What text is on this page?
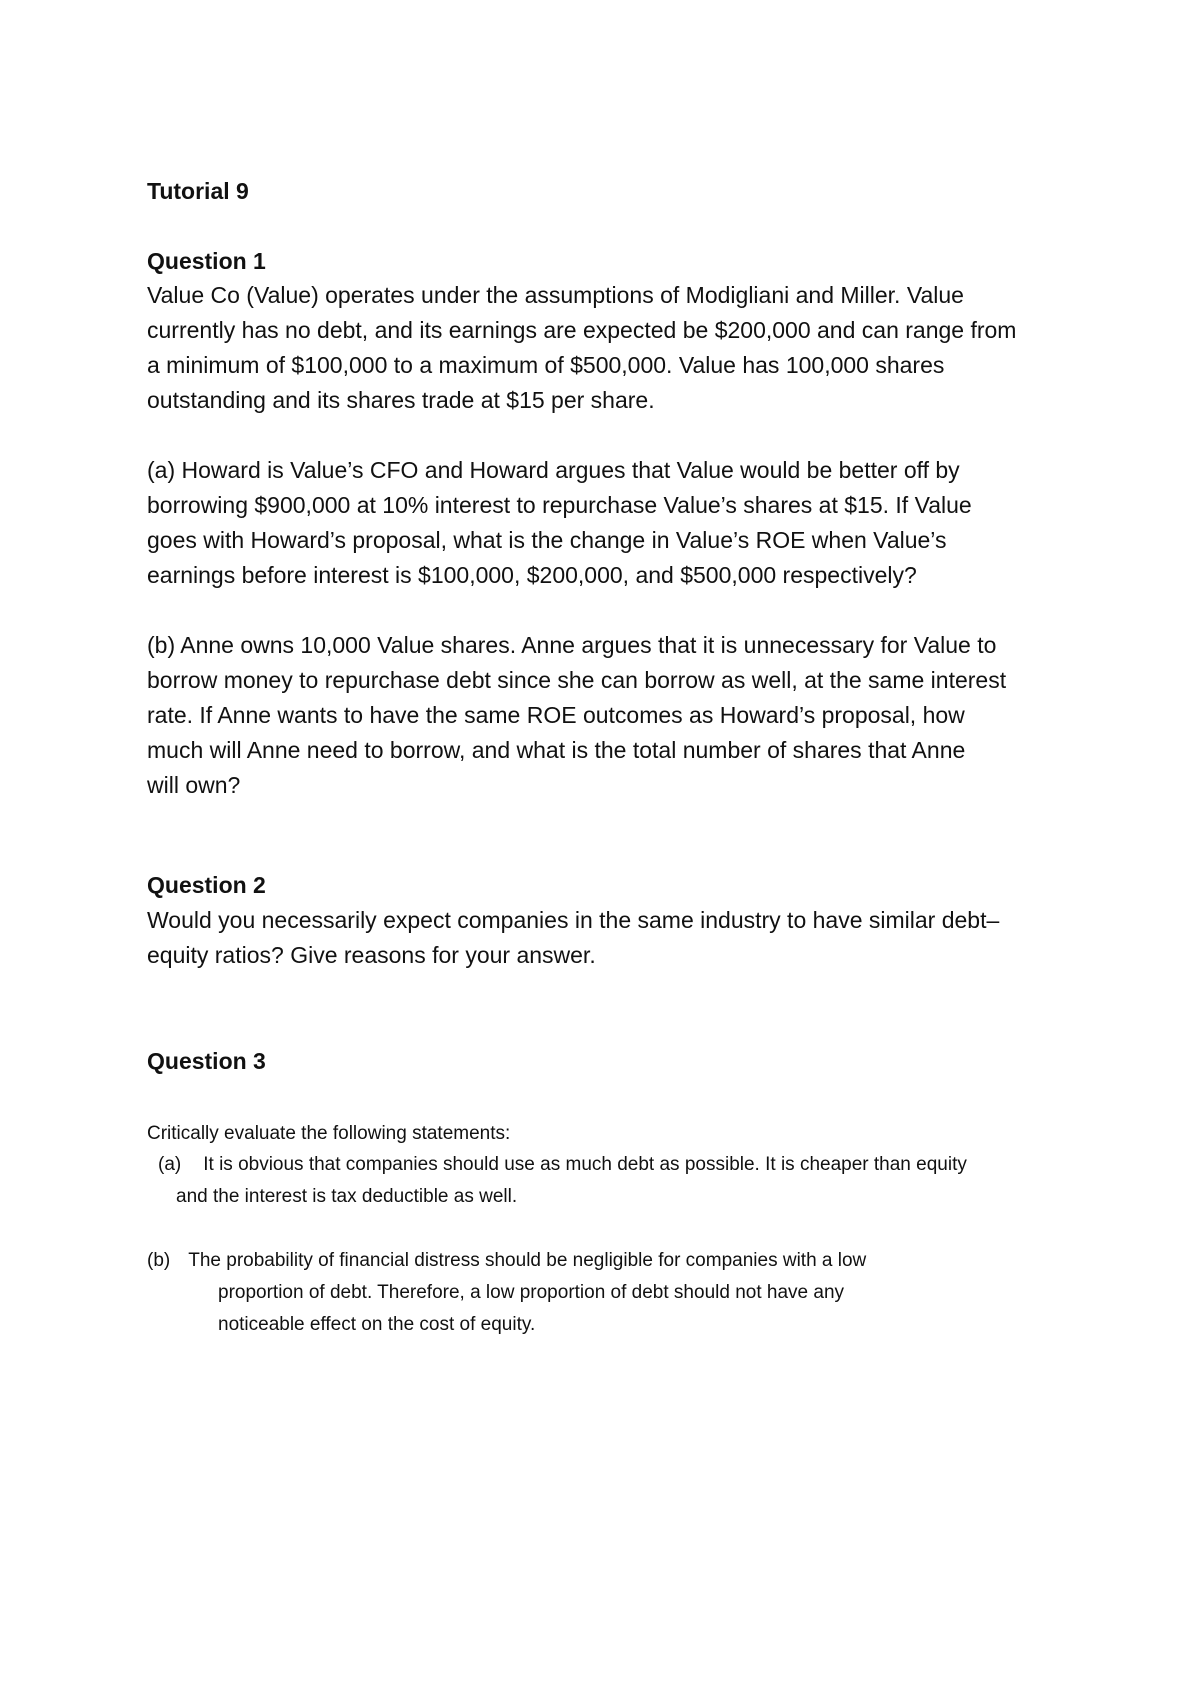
Tutorial 9
Question 1
Value Co (Value) operates under the assumptions of Modigliani and Miller. Value
currently has no debt, and its earnings are expected be $200,000 and can range from
a minimum of $100,000 to a maximum of $500,000. Value has 100,000 shares
outstanding and its shares trade at $15 per share.
(a) Howard is Value’s CFO and Howard argues that Value would be better off by
borrowing $900,000 at 10% interest to repurchase Value’s shares at $15. If Value
goes with Howard’s proposal, what is the change in Value’s ROE when Value’s
earnings before interest is $100,000, $200,000, and $500,000 respectively?
(b) Anne owns 10,000 Value shares. Anne argues that it is unnecessary for Value to
borrow money to repurchase debt since she can borrow as well, at the same interest
rate. If Anne wants to have the same ROE outcomes as Howard’s proposal, how
much will Anne need to borrow, and what is the total number of shares that Anne
will own?
Question 2
Would you necessarily expect companies in the same industry to have similar debt–
equity ratios? Give reasons for your answer.
Question 3
Critically evaluate the following statements:
(a) It is obvious that companies should use as much debt as possible. It is cheaper than equity
and the interest is tax deductible as well.
(b) The probability of financial distress should be negligible for companies with a low
proportion of debt. Therefore, a low proportion of debt should not have any
noticeable effect on the cost of equity.
